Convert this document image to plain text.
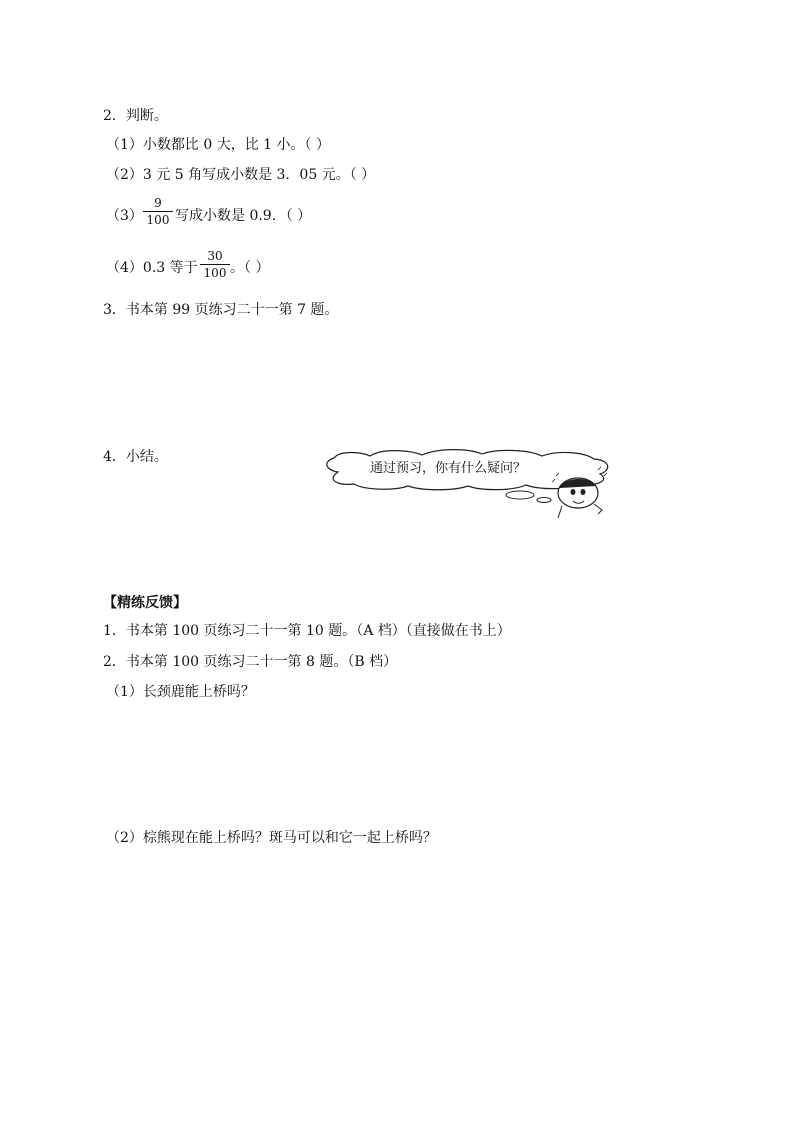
2．判断。
（1）小数都比 0 大，比 1 小。（ ）
（2）3 元 5 角写成小数是 3．05 元。（ ）
（3）
9
100 写成小数是 0.9．（ ）
（4）0.3 等于
30
100 。（ ）
3．书本第 99 页练习二十一第 7 题。
4．小结。
通过预习，你有什么疑问？
【精练反馈】
1．书本第 100 页练习二十一第 10 题。（A 档）（直接做在书上）
2．书本第 100 页练习二十一第 8 题。（B 档）
（1）长颈鹿能上桥吗？
（2）棕熊现在能上桥吗？斑马可以和它一起上桥吗？
